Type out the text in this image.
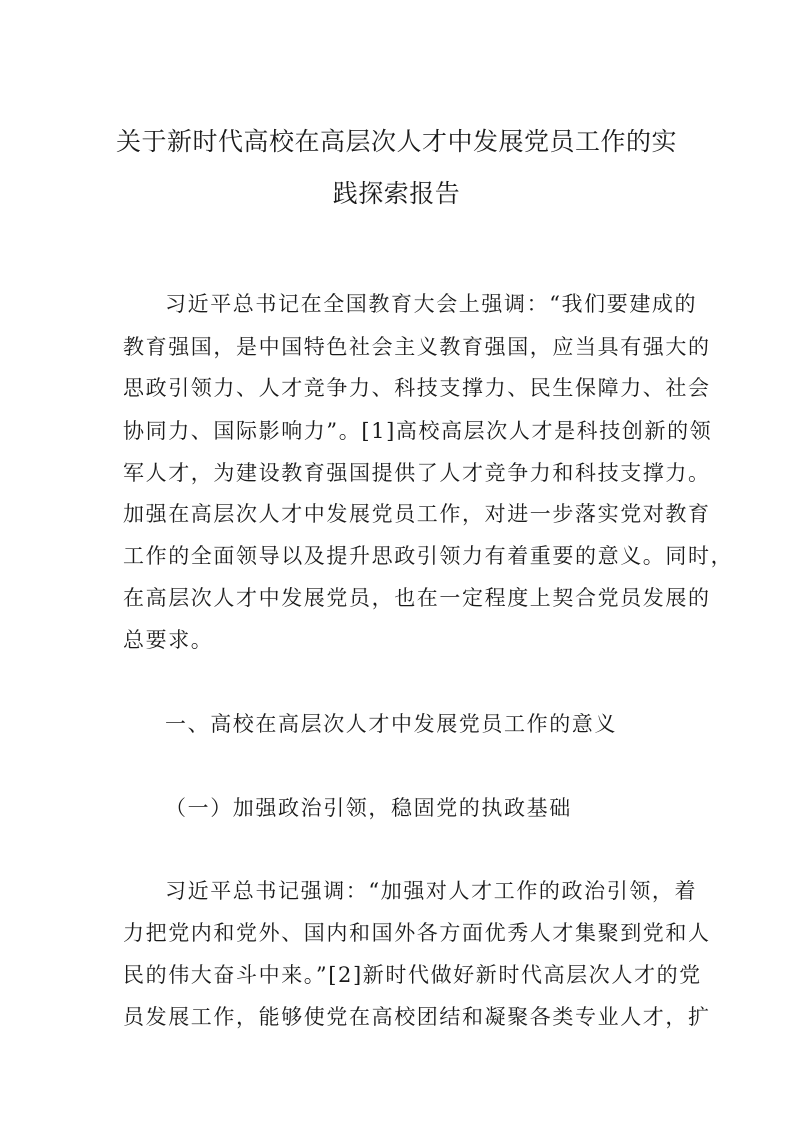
关于新时代高校在高层次人才中发展党员工作的实
践探索报告
习近平总书记在全国教育大会上强调：“我们要建成的
教育强国，是中国特色社会主义教育强国，应当具有强大的
思政引领力、人才竞争力、科技支撑力、民生保障力、社会
协同力、国际影响力”。[1]高校高层次人才是科技创新的领
军人才，为建设教育强国提供了人才竞争力和科技支撑力。
加强在高层次人才中发展党员工作，对进一步落实党对教育
工作的全面领导以及提升思政引领力有着重要的意义。同时，
在高层次人才中发展党员，也在一定程度上契合党员发展的
总要求。
一、高校在高层次人才中发展党员工作的意义
（一）加强政治引领，稳固党的执政基础
习近平总书记强调：“加强对人才工作的政治引领，着
力把党内和党外、国内和国外各方面优秀人才集聚到党和人
民的伟大奋斗中来。”[2]新时代做好新时代高层次人才的党
员发展工作，能够使党在高校团结和凝聚各类专业人才，扩
